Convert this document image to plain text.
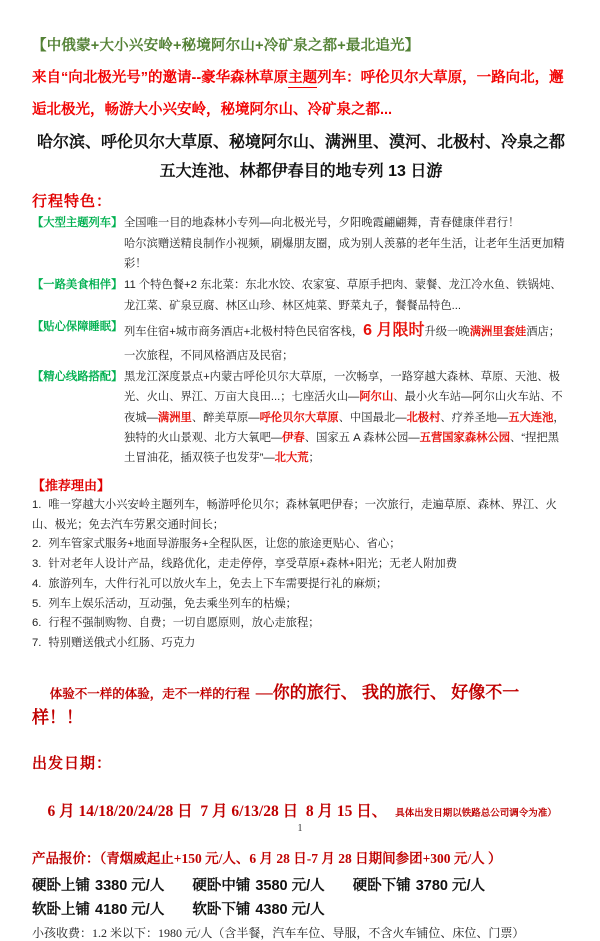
【中俄蒙+大小兴安岭+秘境阿尔山+冷矿泉之都+最北追光】

来自“向北极光号”的邀请--豪华森林草原主题列车：呼伦贝尔大草原，一路向北，邂逅北极光，畅游大小兴安岭，秘境阿尔山、冷矿泉之都...

哈尔滨、呼伦贝尔大草原、秘境阿尔山、满洲里、漠河、北极村、冷泉之都
五大连池、林都伊春目的地专列 13 日游
行程特色：
【大型主题列车】 全国唯一目的地森林小专列—向北极光号，夕阳晚霞翩翩舞，青春健康伴君行！
哈尔滨赠送精良制作小视频，刷爆朋友圈，成为别人羡慕的老年生活，让老年生活更加精彩！
【一路美食相伴】 11 个特色餐+2 东北菜：东北水饺、农家宴、草原手把肉、蒙餐、龙江冷水鱼、铁锅炖、龙江菜、矿泉豆腐、林区山珍、林区炖菜、野菜丸子，餐餐品特色...
【贴心保障睡眠】 列车住宿+城市商务酒店+北极村特色民宿客栈，6 月限时升级一晚满洲里套娃酒店；
一次旅程，不同风格酒店及民宿；
【精心线路搭配】 黑龙江深度景点+内蒙古呼伦贝尔大草原，一次畅享，一路穿越大森林、草原、天池、极光、火山、界江、万亩大良田...；七座活火山—阿尔山、最小火车站—阿尔山火车站、不夜城—满洲里、醉美草原—呼伦贝尔大草原、中国最北—北极村、疗养圣地—五大连池，独特的火山景观、北方大氧吧—伊春、国家五 A 森林公园—五营国家森林公园、“捏把黑土冒油花，插双筷子也发芽”—北大荒；
【推荐理由】

1. 唯一穿越大小兴安岭主题列车，畅游呼伦贝尔；森林氧吧伊春；一次旅行，走遍草原、森林、界江、火山、极光；免去汽车劳累交通时间长；

2. 列车管家式服务+地面导游服务+全程队医，让您的旅途更贴心、省心；

3. 针对老年人设计产品，线路优化，走走停停，享受草原+森林+阳光；无老人附加费

4. 旅游列车，大件行礼可以放火车上，免去上下车需要提行礼的麻烦；

5. 列车上娱乐活动，互动强，免去乘坐列车的枯燥；

6. 行程不强制购物、自费；一切自愿原则，放心走旅程；

7. 特别赠送俄式小红肠、巧克力

体验不一样的体验，走不一样的行程 —你的旅行、 我的旅行、 好像不一样！！

出发日期：

6 月 14/18/20/24/28 日  7 月 6/13/28 日  8 月 15 日、 具体出发日期以铁路总公司调令为准）

产品报价：（青烟威起止+150 元/人、6 月 28 日-7 月 28 日期间参团+300 元/人 ）

硬卧上铺 3380 元/人 硬卧中铺 3580 元/人 硬卧下铺 3780 元/人

软卧上铺 4180 元/人 软卧下铺 4380 元/人

小孩收费：1.2 米以下：1980 元/人（含半餐，汽车车位、导服，不含火车铺位、床位、门票）

1
